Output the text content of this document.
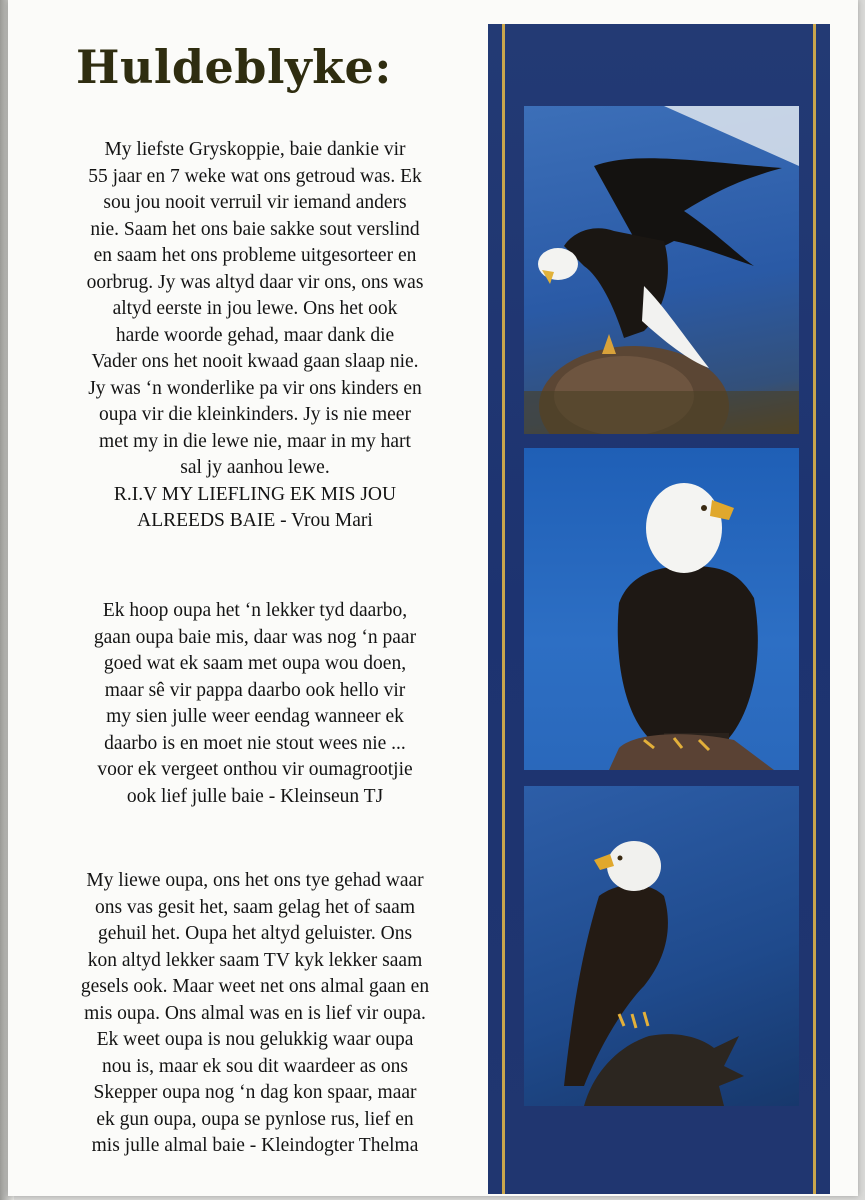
Huldeblyke:

My liefste Gryskoppie, baie dankie vir
55 jaar en 7 weke wat ons getroud was. Ek
sou jou nooit verruil vir iemand anders
nie. Saam het ons baie sakke sout verslind
en saam het ons probleme uitgesorteer en
oorbrug. Jy was altyd daar vir ons, ons was
altyd eerste in jou lewe. Ons het ook
harde woorde gehad, maar dank die
Vader ons het nooit kwaad gaan slaap nie.
Jy was ‘n wonderlike pa vir ons kinders en
oupa vir die kleinkinders. Jy is nie meer
met my in die lewe nie, maar in my hart
sal jy aanhou lewe.
R.I.V MY LIEFLING EK MIS JOU
ALREEDS BAIE - Vrou Mari

Ek hoop oupa het ‘n lekker tyd daarbo,
gaan oupa baie mis, daar was nog ‘n paar
goed wat ek saam met oupa wou doen,
maar sê vir pappa daarbo ook hello vir
my sien julle weer eendag wanneer ek
daarbo is en moet nie stout wees nie ...
voor ek vergeet onthou vir oumagrootjie
ook lief julle baie - Kleinseun TJ

My liewe oupa, ons het ons tye gehad waar
ons vas gesit het, saam gelag het of saam
gehuil het. Oupa het altyd geluister. Ons
kon altyd lekker saam TV kyk lekker saam
gesels ook. Maar weet net ons almal gaan en
mis oupa. Ons almal was en is lief vir oupa.
Ek weet oupa is nou gelukkig waar oupa
nou is, maar ek sou dit waardeer as ons
Skepper oupa nog ‘n dag kon spaar, maar
ek gun oupa, oupa se pynlose rus, lief en
mis julle almal baie - Kleindogter Thelma
